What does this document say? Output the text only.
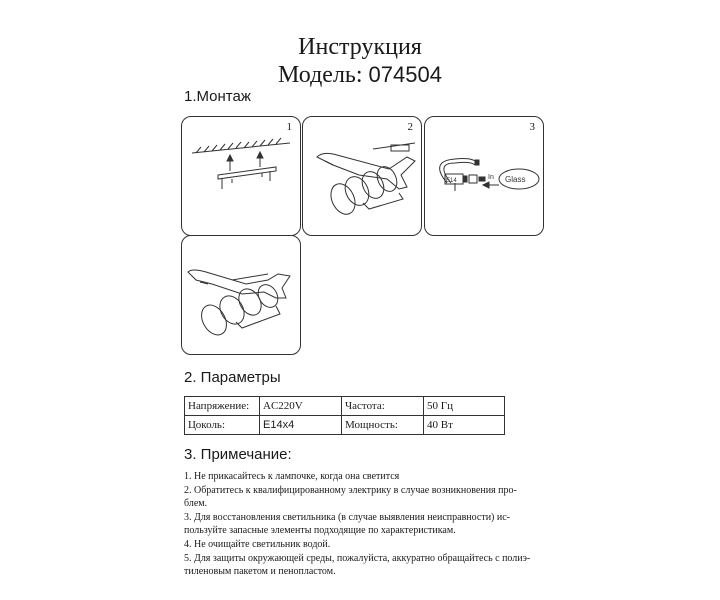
Инструкция
Модель: 074504
1.Монтаж
1	2	3
E14	In Glass
2. Параметры
Напряжение:	AC220V	Частота:	50 Гц
Цоколь:	E14x4	Мощность:	40 Вт
3. Примечание:
1. Не прикасайтесь к лампочке, когда она светится
2. Обратитесь к квалифицированному электрику в случае возникновения про-
блем.
3. Для восстановления светильника (в случае выявления неисправности) ис-
пользуйте запасные элементы подходящие по характеристикам.
4. Не очищайте светильник водой.
5. Для защиты окружающей среды, пожалуйста, аккуратно обращайтесь с полиэ-
тиленовым пакетом и пенопластом.
